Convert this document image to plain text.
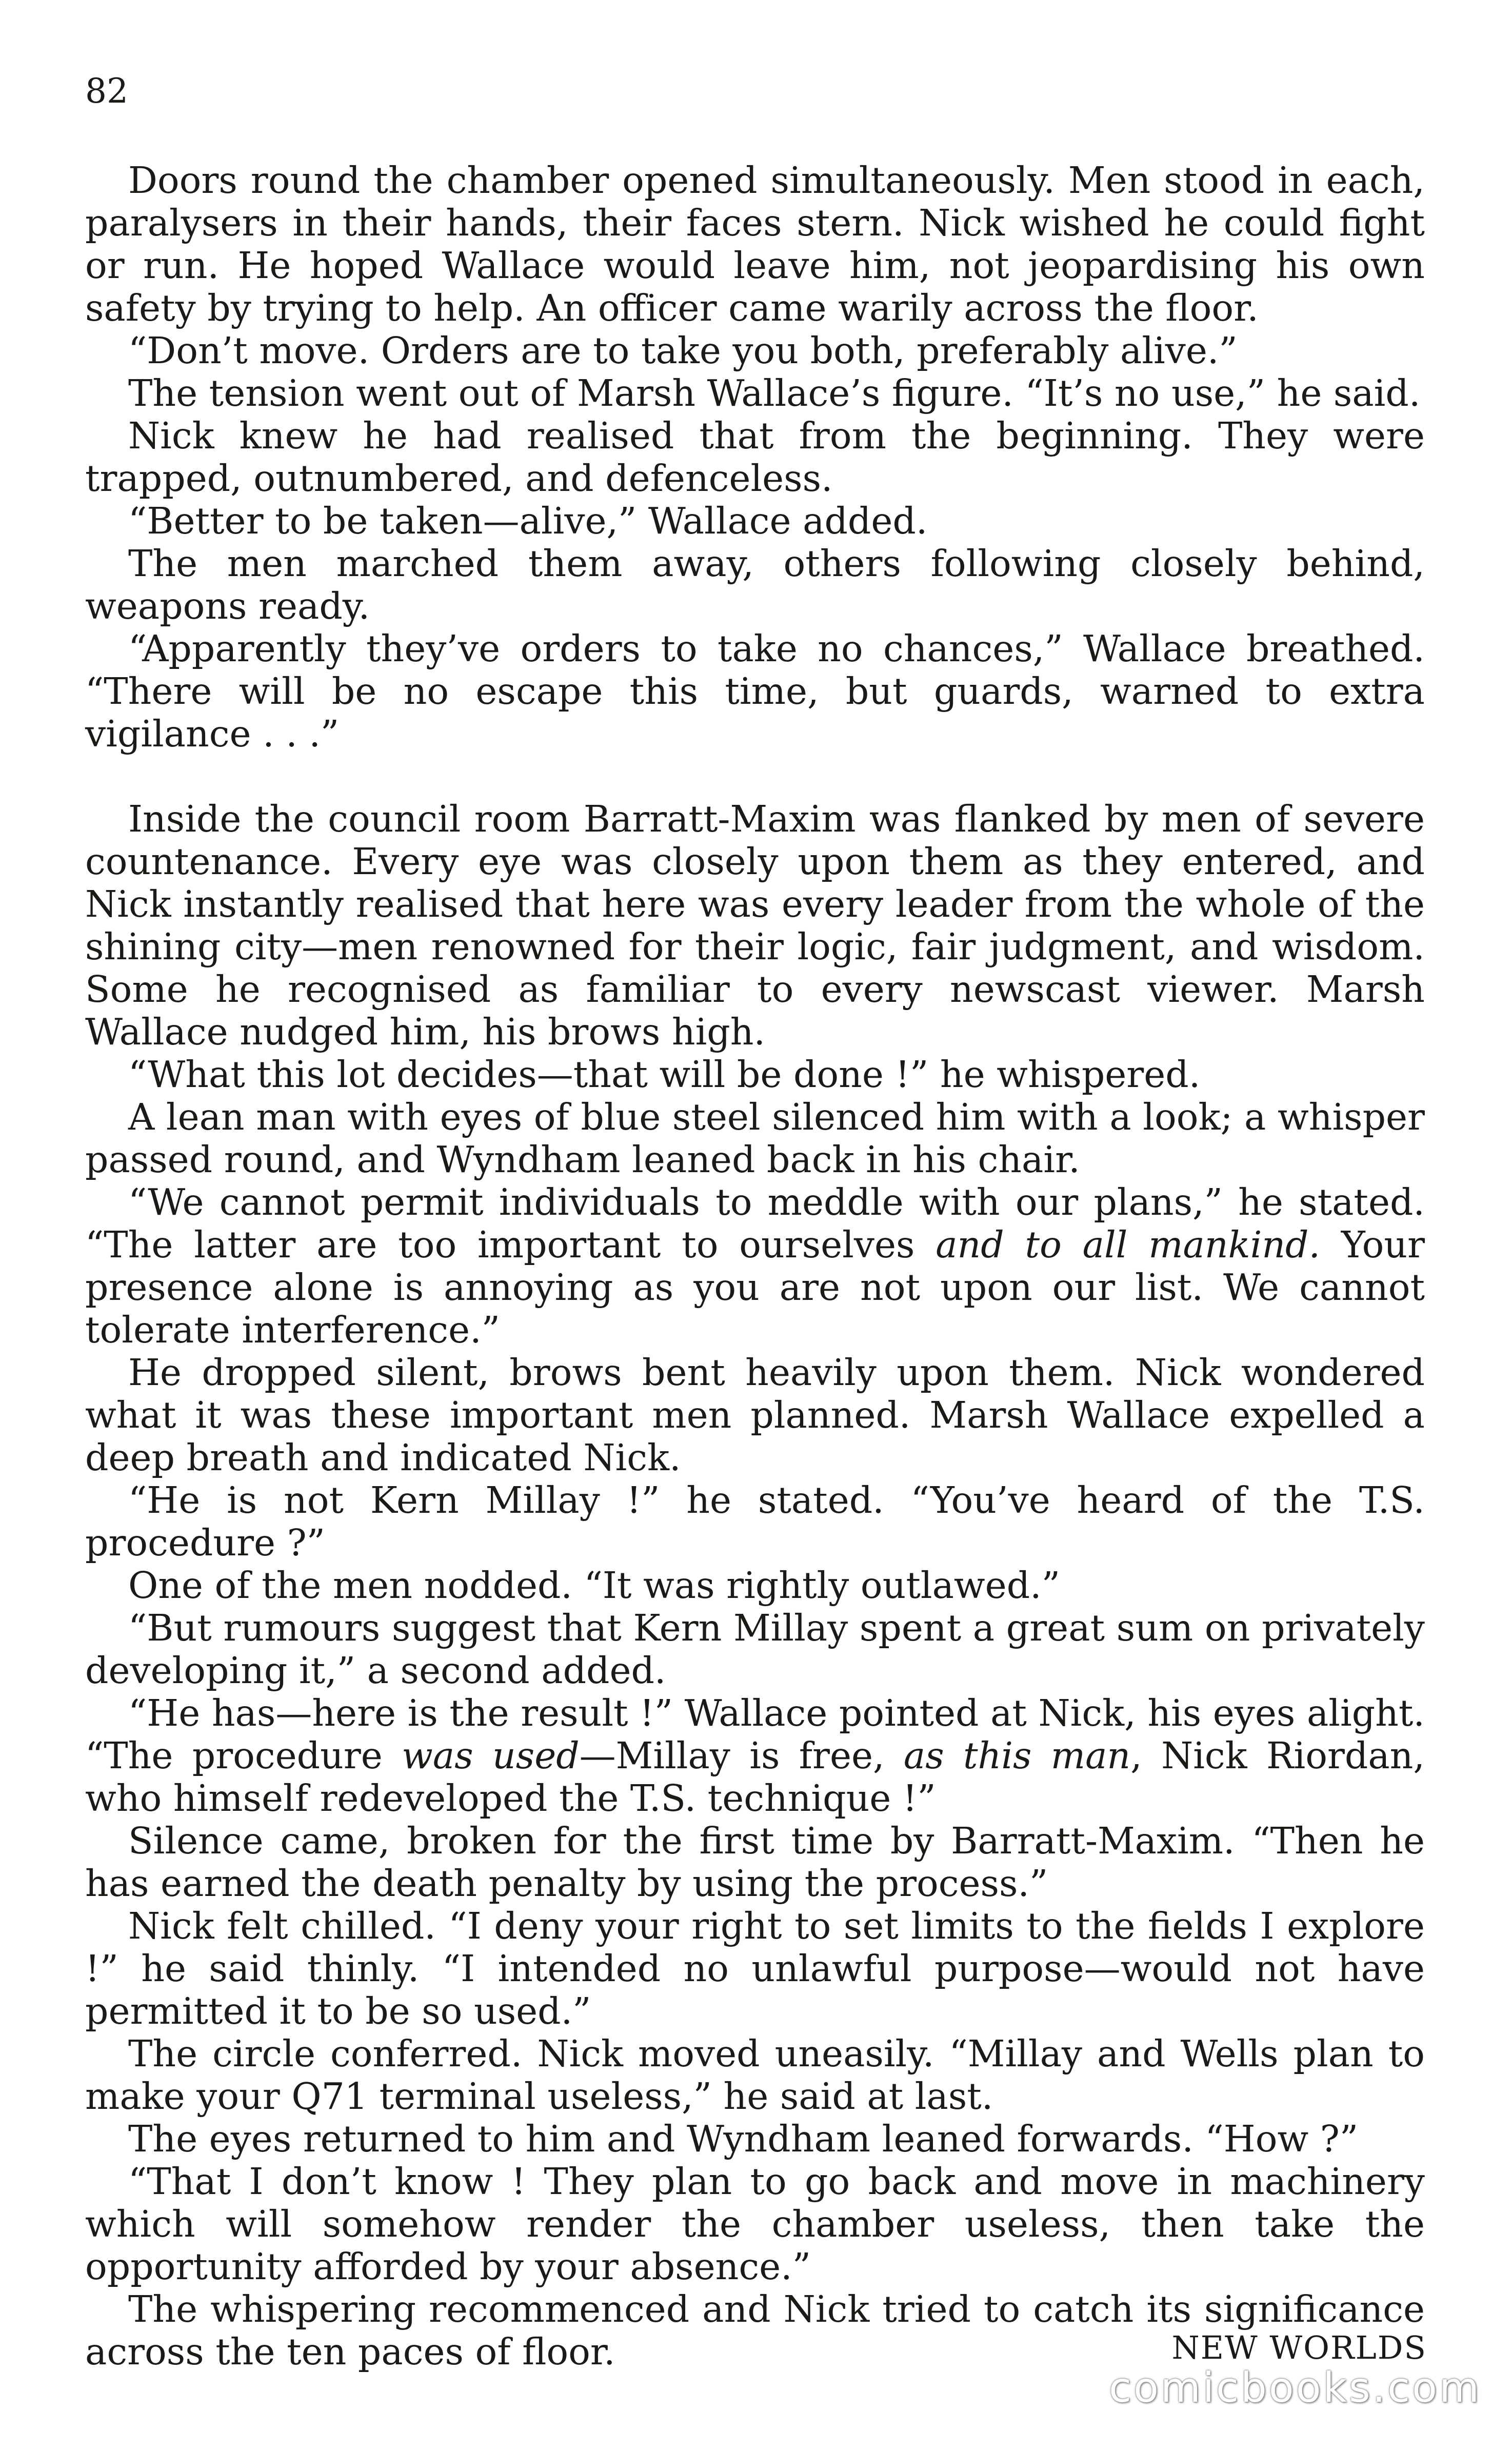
82

Doors round the chamber opened simultaneously. Men stood in each, paralysers in their hands, their faces stern. Nick wished he could fight or run. He hoped Wallace would leave him, not jeopardising his own safety by trying to help. An officer came warily across the floor.

“Don’t move. Orders are to take you both, preferably alive.”

The tension went out of Marsh Wallace’s figure. “It’s no use,” he said.

Nick knew he had realised that from the beginning. They were trapped, outnumbered, and defenceless.

“Better to be taken—alive,” Wallace added.

The men marched them away, others following closely behind, weapons ready.

“Apparently they’ve orders to take no chances,” Wallace breathed. “There will be no escape this time, but guards, warned to extra vigilance . . .”

Inside the council room Barratt-Maxim was flanked by men of severe countenance. Every eye was closely upon them as they entered, and Nick instantly realised that here was every leader from the whole of the shining city—men renowned for their logic, fair judgment, and wisdom. Some he recognised as familiar to every newscast viewer. Marsh Wallace nudged him, his brows high.

“What this lot decides—that will be done !” he whispered.

A lean man with eyes of blue steel silenced him with a look; a whisper passed round, and Wyndham leaned back in his chair.

“We cannot permit individuals to meddle with our plans,” he stated. “The latter are too important to ourselves and to all mankind. Your presence alone is annoying as you are not upon our list. We cannot tolerate interference.”

He dropped silent, brows bent heavily upon them. Nick wondered what it was these important men planned. Marsh Wallace expelled a deep breath and indicated Nick.

“He is not Kern Millay !” he stated. “You’ve heard of the T.S. procedure ?”

One of the men nodded. “It was rightly outlawed.”

“But rumours suggest that Kern Millay spent a great sum on privately developing it,” a second added.

“He has—here is the result !” Wallace pointed at Nick, his eyes alight. “The procedure was used—Millay is free, as this man, Nick Riordan, who himself redeveloped the T.S. technique !”

Silence came, broken for the first time by Barratt-Maxim. “Then he has earned the death penalty by using the process.”

Nick felt chilled. “I deny your right to set limits to the fields I explore !” he said thinly. “I intended no unlawful purpose—would not have permitted it to be so used.”

The circle conferred. Nick moved uneasily. “Millay and Wells plan to make your Q71 terminal useless,” he said at last.

The eyes returned to him and Wyndham leaned forwards. “How ?”

“That I don’t know ! They plan to go back and move in machinery which will somehow render the chamber useless, then take the opportunity afforded by your absence.”

The whispering recommenced and Nick tried to catch its significance across the ten paces of floor.	NEW WORLDS
comicbooks.com
